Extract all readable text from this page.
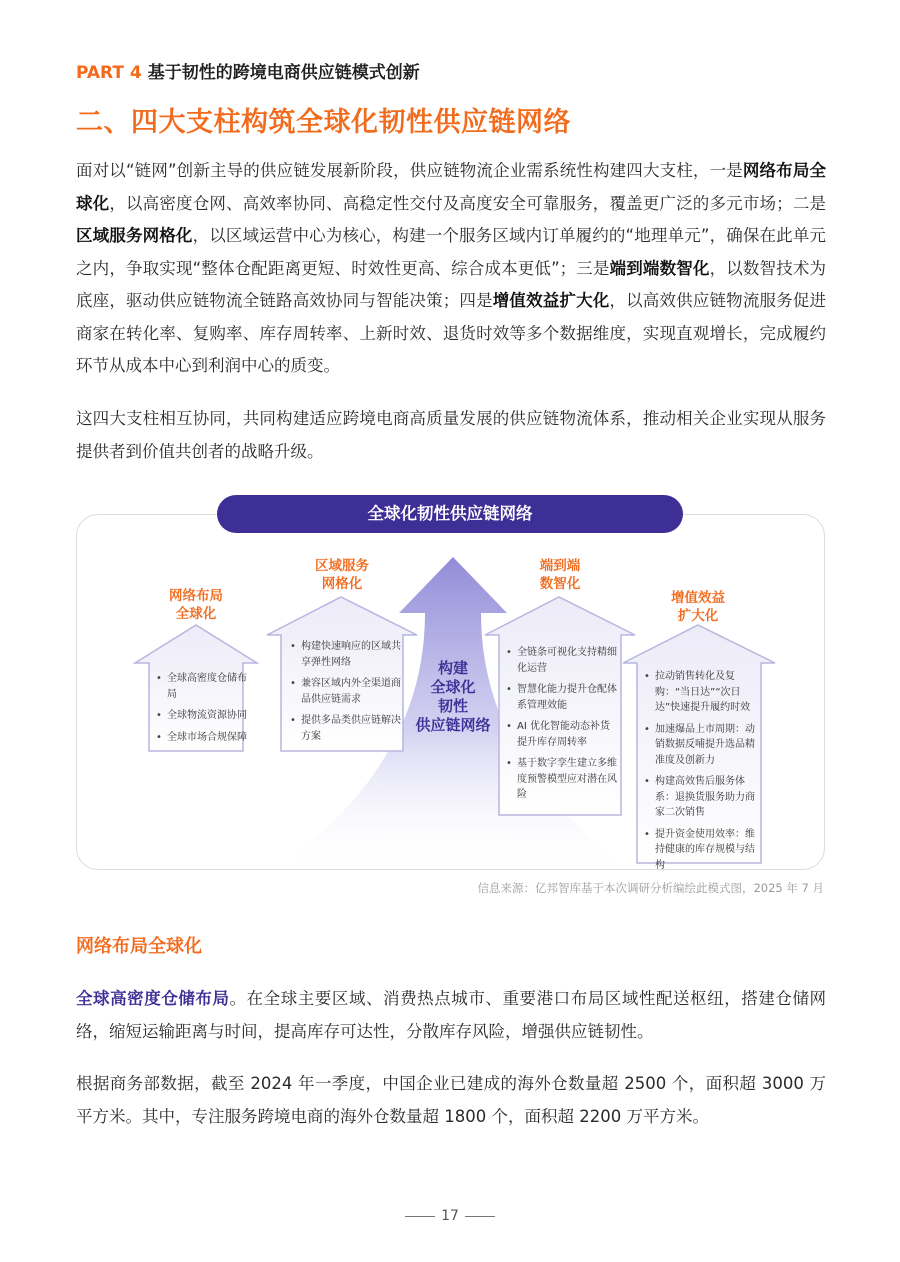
PART 4 基于韧性的跨境电商供应链模式创新
二、四大支柱构筑全球化韧性供应链网络

面对以“链网”创新主导的供应链发展新阶段，供应链物流企业需系统性构建四大支柱，一是网络布局全球化，以高密度仓网、高效率协同、高稳定性交付及高度安全可靠服务，覆盖更广泛的多元市场；二是区域服务网格化，以区域运营中心为核心，构建一个服务区域内订单履约的“地理单元”，确保在此单元之内，争取实现“整体仓配距离更短、时效性更高、综合成本更低”；三是端到端数智化，以数智技术为底座，驱动供应链物流全链路高效协同与智能决策；四是增值效益扩大化，以高效供应链物流服务促进商家在转化率、复购率、库存周转率、上新时效、退货时效等多个数据维度，实现直观增长，完成履约环节从成本中心到利润中心的质变。

这四大支柱相互协同，共同构建适应跨境电商高质量发展的供应链物流体系，推动相关企业实现从服务提供者到价值共创者的战略升级。

全球化韧性供应链网络
网络布局
全球化
• 全球高密度仓储布局
• 全球物流资源协同
• 全球市场合规保障
区域服务
网格化
• 构建快速响应的区域共享弹性网络
• 兼容区域内外全渠道商品供应链需求
• 提供多品类供应链解决方案
构建
全球化
韧性
供应链网络
端到端
数智化
• 全链条可视化支持精细化运营
• 智慧化能力提升仓配体系管理效能
• AI 优化智能动态补货提升库存周转率
• 基于数字孪生建立多维度预警模型应对潜在风险
增值效益
扩大化
• 拉动销售转化及复购：“当日达”“次日达”快速提升履约时效
• 加速爆品上市周期：动销数据反哺提升选品精准度及创新力
• 构建高效售后服务体系：退换货服务助力商家二次销售
• 提升资金使用效率：维持健康的库存规模与结构
信息来源：亿邦智库基于本次调研分析编绘此模式图，2025 年 7 月
网络布局全球化

全球高密度仓储布局。在全球主要区域、消费热点城市、重要港口布局区域性配送枢纽，搭建仓储网络，缩短运输距离与时间，提高库存可达性，分散库存风险，增强供应链韧性。

根据商务部数据，截至 2024 年一季度，中国企业已建成的海外仓数量超 2500 个，面积超 3000 万平方米。其中，专注服务跨境电商的海外仓数量超 1800 个，面积超 2200 万平方米。

17
